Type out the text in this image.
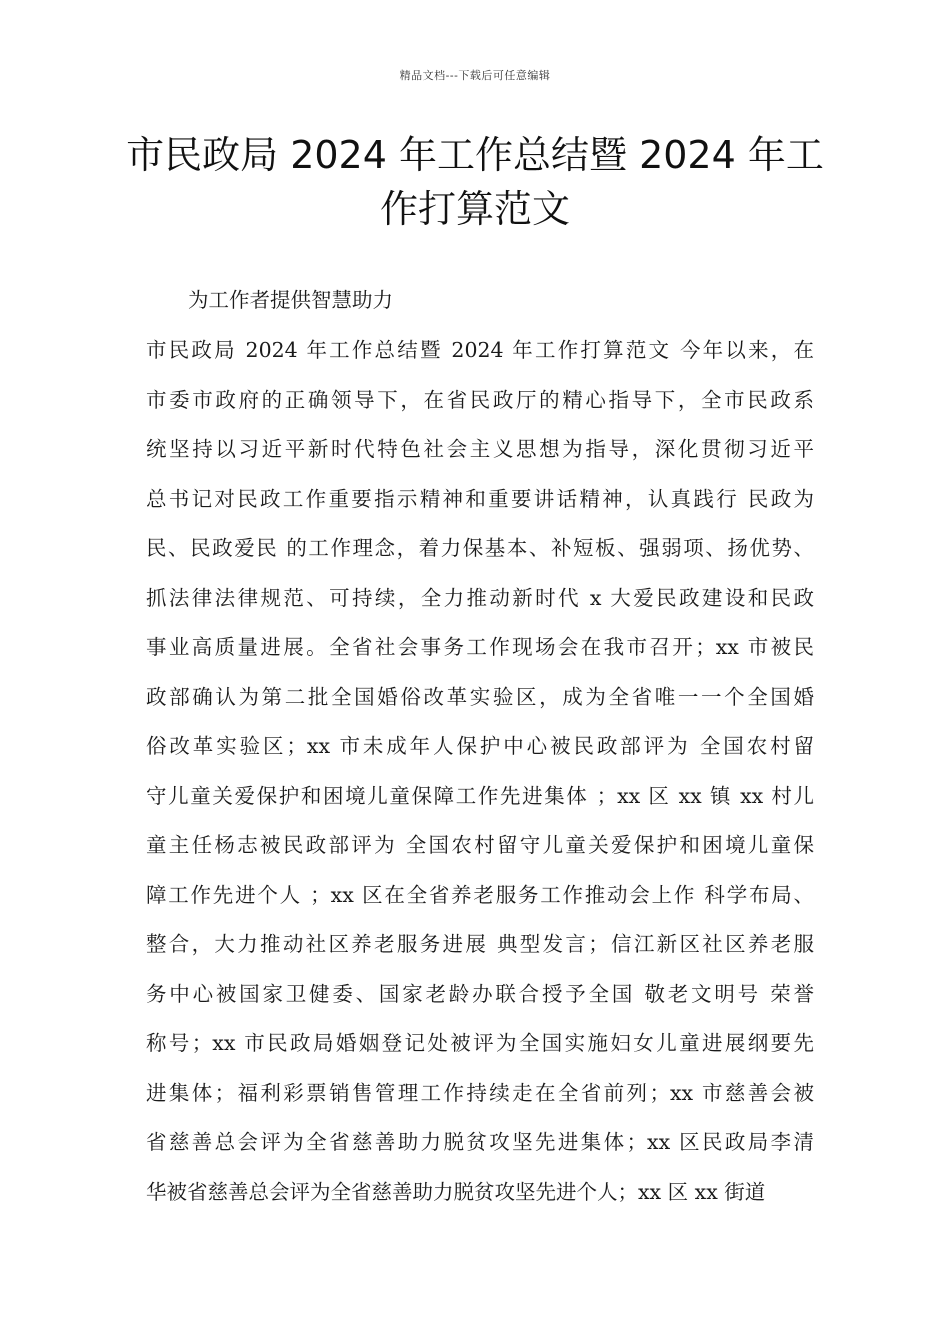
精品文档---下载后可任意编辑
市民政局 2024 年工作总结暨 2024 年工
作打算范文
为工作者提供智慧助力
市民政局 2024 年工作总结暨 2024 年工作打算范文 今年以来，在
市委市政府的正确领导下，在省民政厅的精心指导下，全市民政系
统坚持以习近平新时代特色社会主义思想为指导，深化贯彻习近平
总书记对民政工作重要指示精神和重要讲话精神，认真践行 民政为
民、民政爱民 的工作理念，着力保基本、补短板、强弱项、扬优势、
抓法律法律规范、可持续，全力推动新时代 x 大爱民政建设和民政
事业高质量进展。全省社会事务工作现场会在我市召开；xx 市被民
政部确认为第二批全国婚俗改革实验区，成为全省唯一一个全国婚
俗改革实验区；xx 市未成年人保护中心被民政部评为 全国农村留
守儿童关爱保护和困境儿童保障工作先进集体 ；xx 区 xx 镇 xx 村儿
童主任杨志被民政部评为 全国农村留守儿童关爱保护和困境儿童保
障工作先进个人 ；xx 区在全省养老服务工作推动会上作 科学布局、
整合，大力推动社区养老服务进展 典型发言；信江新区社区养老服
务中心被国家卫健委、国家老龄办联合授予全国 敬老文明号 荣誉
称号；xx 市民政局婚姻登记处被评为全国实施妇女儿童进展纲要先
进集体；福利彩票销售管理工作持续走在全省前列；xx 市慈善会被
省慈善总会评为全省慈善助力脱贫攻坚先进集体；xx 区民政局李清
华被省慈善总会评为全省慈善助力脱贫攻坚先进个人；xx 区 xx 街道
